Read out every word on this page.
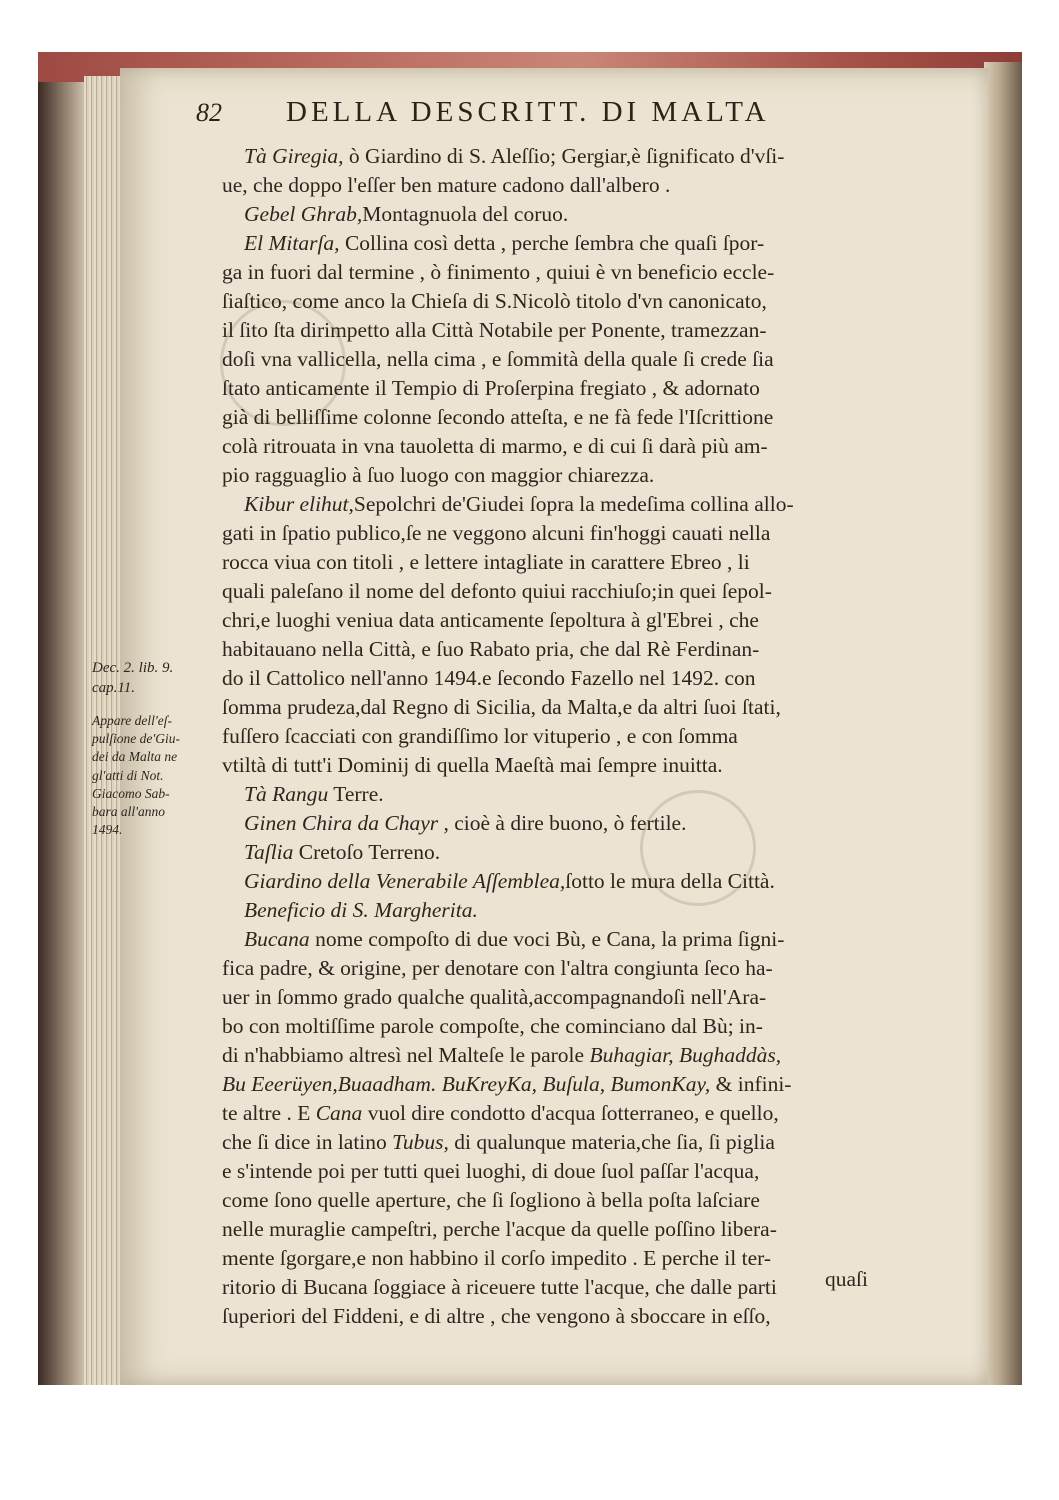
82 DELLA DESCRITT. DI MALTA
Tà Giregia, ò Giardino di S. Aleſſio; Gergiar,è ſignificato d'vſi-
ue, che doppo l'eſſer ben mature cadono dall'albero .
Gebel Ghrab,Montagnuola del coruo.
El Mitarſa, Collina così detta , perche ſembra che quaſi ſpor-
ga in fuori dal termine , ò finimento , quiui è vn beneficio eccle-
ſiaſtico, come anco la Chieſa di S.Nicolò titolo d'vn canonicato,
il ſito ſta dirimpetto alla Città Notabile per Ponente, tramezzan-
doſi vna vallicella, nella cima , e ſommità della quale ſi crede ſia
ſtato anticamente il Tempio di Proſerpina fregiato , & adornato
già di belliſſime colonne ſecondo atteſta, e ne fà fede l'Iſcrittione
colà ritrouata in vna tauoletta di marmo, e di cui ſi darà più am-
pio ragguaglio à ſuo luogo con maggior chiarezza.
Kibur elihut,Sepolchri de'Giudei ſopra la medeſima collina allo-
gati in ſpatio publico,ſe ne veggono alcuni fin'hoggi cauati nella
rocca viua con titoli , e lettere intagliate in carattere Ebreo , li
quali paleſano il nome del defonto quiui racchiuſo;in quei ſepol-
chri,e luoghi veniua data anticamente ſepoltura à gl'Ebrei , che
habitauano nella Città, e ſuo Rabato pria, che dal Rè Ferdinan-
do il Cattolico nell'anno 1494.e ſecondo Fazello nel 1492. con
ſomma prudeza,dal Regno di Sicilia, da Malta,e da altri ſuoi ſtati,
fuſſero ſcacciati con grandiſſimo lor vituperio , e con ſomma
vtiltà di tutt'i Dominij di quella Maeſtà mai ſempre inuitta.
Tà Rangu Terre.
Ginen Chira da Chayr , cioè à dire buono, ò fertile.
Taſlia Cretoſo Terreno.
Giardino della Venerabile Aſſemblea,ſotto le mura della Città.
Beneficio di S. Margherita.
Bucana nome compoſto di due voci Bù, e Cana, la prima ſigni-
fica padre, & origine, per denotare con l'altra congiunta ſeco ha-
uer in ſommo grado qualche qualità,accompagnandoſi nell'Ara-
bo con moltiſſime parole compoſte, che cominciano dal Bù; in-
di n'habbiamo altresì nel Malteſe le parole Buhagiar, Bughaddàs,
Bu Eeerüyen,Buaadham. BuKreyKa, Buſula, BumonKay, & infini-
te altre . E Cana vuol dire condotto d'acqua ſotterraneo, e quello,
che ſi dice in latino Tubus, di qualunque materia,che ſia, ſi piglia
e s'intende poi per tutti quei luoghi, di doue ſuol paſſar l'acqua,
come ſono quelle aperture, che ſi ſogliono à bella poſta laſciare
nelle muraglie campeſtri, perche l'acque da quelle poſſino libera-
mente ſgorgare,e non habbino il corſo impedito . E perche il ter-
ritorio di Bucana ſoggiace à riceuere tutte l'acque, che dalle parti
ſuperiori del Fiddeni, e di altre , che vengono à sboccare in eſſo,
Dec. 2. lib. 9.
cap.11.
Appare dell'eſ-
pulſione de'Giu-
dei da Malta ne
gl'atti di Not.
Giacomo Sab-
bara all'anno
1494.
quaſi
